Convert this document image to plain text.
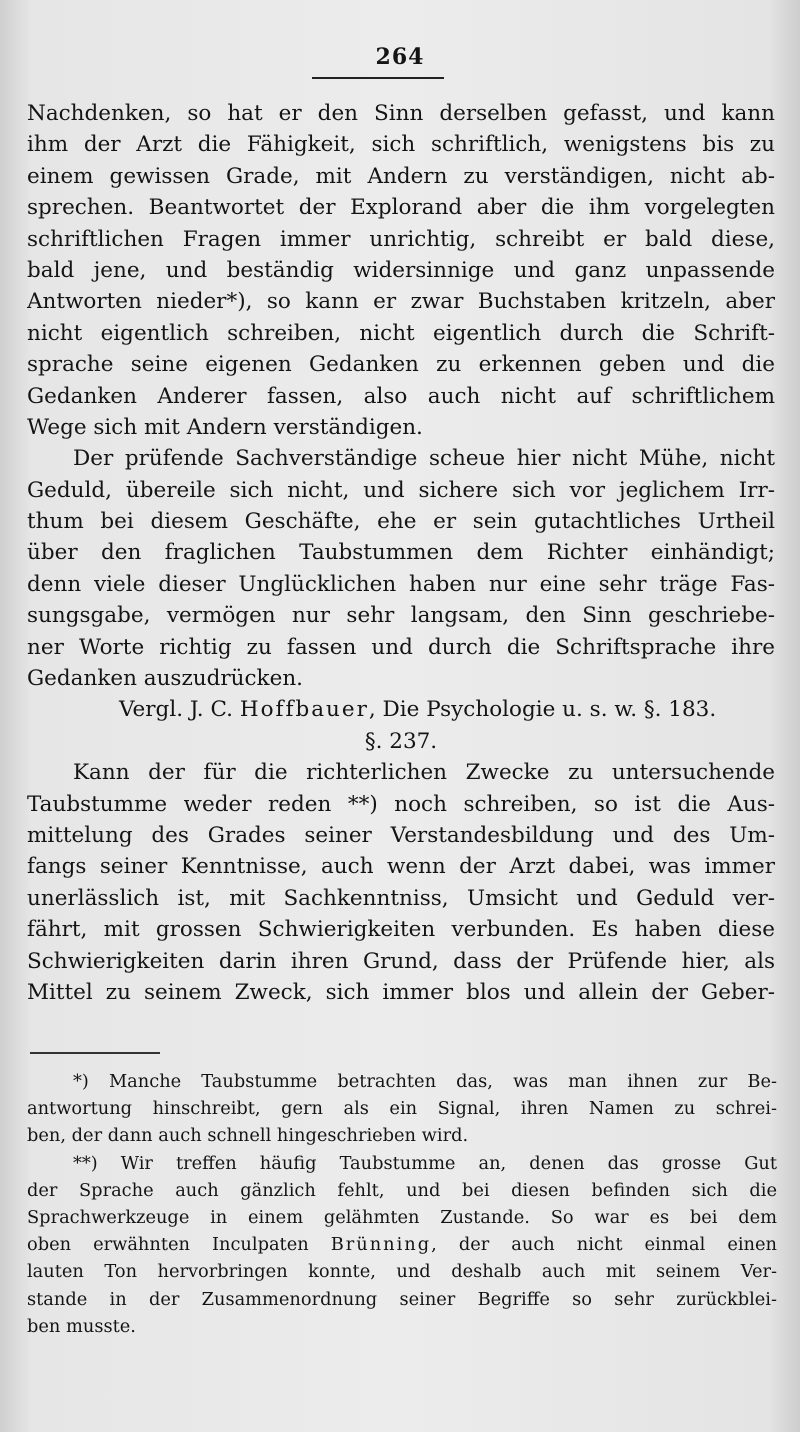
264
Nachdenken, so hat er den Sinn derselben gefasst, und kann
ihm der Arzt die Fähigkeit, sich schriftlich, wenigstens bis zu
einem gewissen Grade, mit Andern zu verständigen, nicht ab-
sprechen. Beantwortet der Explorand aber die ihm vorgelegten
schriftlichen Fragen immer unrichtig, schreibt er bald diese,
bald jene, und beständig widersinnige und ganz unpassende
Antworten nieder*), so kann er zwar Buchstaben kritzeln, aber
nicht eigentlich schreiben, nicht eigentlich durch die Schrift-
sprache seine eigenen Gedanken zu erkennen geben und die
Gedanken Anderer fassen, also auch nicht auf schriftlichem
Wege sich mit Andern verständigen.
Der prüfende Sachverständige scheue hier nicht Mühe, nicht
Geduld, übereile sich nicht, und sichere sich vor jeglichem Irr-
thum bei diesem Geschäfte, ehe er sein gutachtliches Urtheil
über den fraglichen Taubstummen dem Richter einhändigt;
denn viele dieser Unglücklichen haben nur eine sehr träge Fas-
sungsgabe, vermögen nur sehr langsam, den Sinn geschriebe-
ner Worte richtig zu fassen und durch die Schriftsprache ihre
Gedanken auszudrücken.
Vergl. J. C. Hoffbauer, Die Psychologie u. s. w. §. 183.
§. 237.
Kann der für die richterlichen Zwecke zu untersuchende
Taubstumme weder reden **) noch schreiben, so ist die Aus-
mittelung des Grades seiner Verstandesbildung und des Um-
fangs seiner Kenntnisse, auch wenn der Arzt dabei, was immer
unerlässlich ist, mit Sachkenntniss, Umsicht und Geduld ver-
fährt, mit grossen Schwierigkeiten verbunden. Es haben diese
Schwierigkeiten darin ihren Grund, dass der Prüfende hier, als
Mittel zu seinem Zweck, sich immer blos und allein der Geber-
*) Manche Taubstumme betrachten das, was man ihnen zur Be-
antwortung hinschreibt, gern als ein Signal, ihren Namen zu schrei-
ben, der dann auch schnell hingeschrieben wird.
**) Wir treffen häufig Taubstumme an, denen das grosse Gut
der Sprache auch gänzlich fehlt, und bei diesen befinden sich die
Sprachwerkzeuge in einem gelähmten Zustande. So war es bei dem
oben erwähnten Inculpaten Brünning, der auch nicht einmal einen
lauten Ton hervorbringen konnte, und deshalb auch mit seinem Ver-
stande in der Zusammenordnung seiner Begriffe so sehr zurückblei-
ben musste.
